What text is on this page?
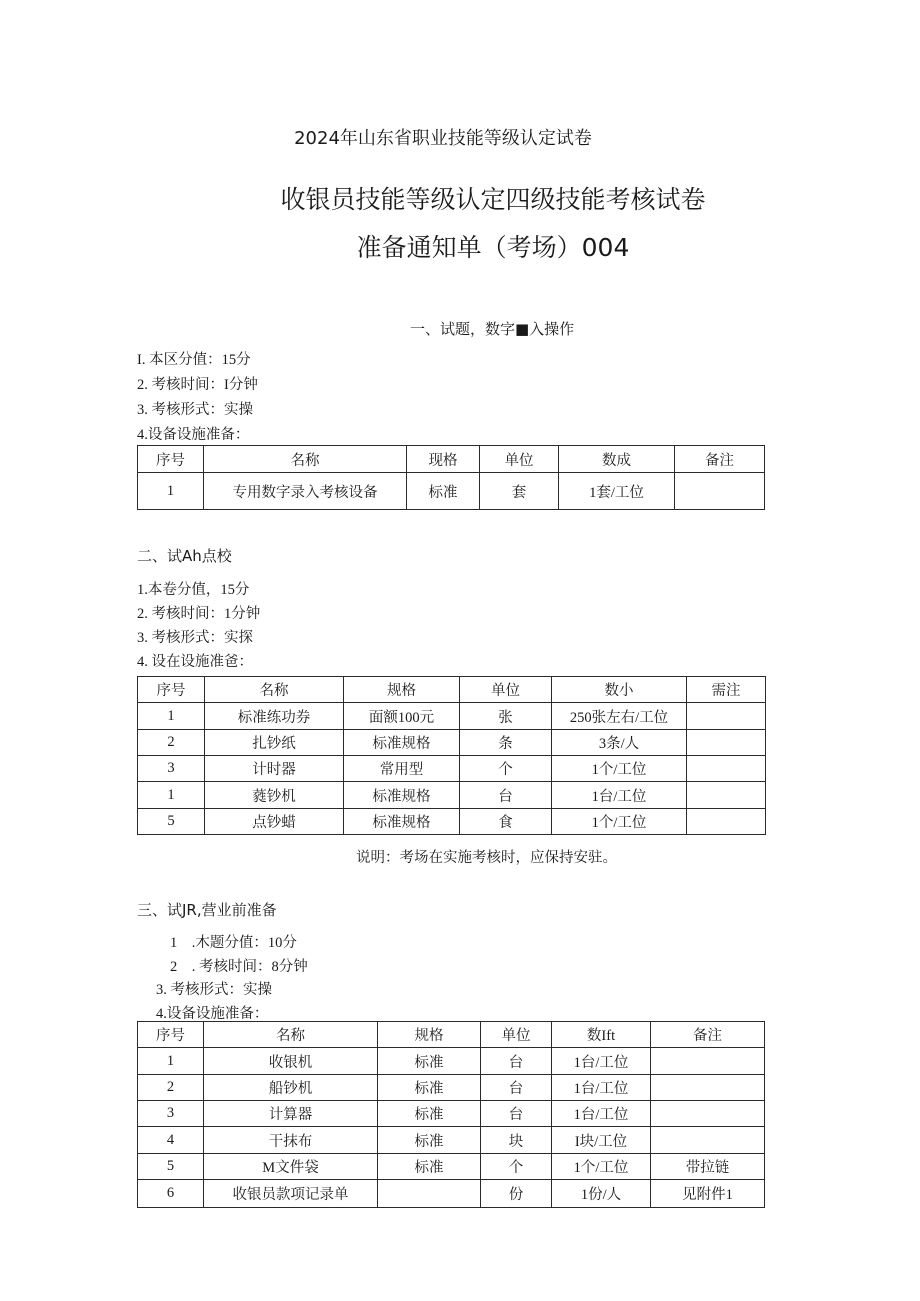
2024年山东省职业技能等级认定试卷
收银员技能等级认定四级技能考核试卷
准备通知单（考场）004
一、试题，数字■入操作
I. 本区分值：15分
2. 考核时间：I分钟
3. 考核形式：实操
4.设备设施准备：
序号	名称	现格	单位	数成	备注
1	专用数字录入考核设备	标准	套	1套/工位	
二、试Ah点校
1.本卷分值，15分
2. 考核时间：1分钟
3. 考核形式：实探
4. 设在设施准爸：
序号	名称	规格	单位	数小	需注
1	标准练功券	面额100元	张	250张左右/工位	
2	扎钞纸	标准规格	条	3条/人	
3	计时器	常用型	个	1个/工位	
1	蕤钞机	标准规格	台	1台/工位	
5	点钞蜡	标准规格	食	1个/工位	
说明：考场在实施考核时，应保持安驻。
三、试JR,营业前准备
1　.木题分值：10分
2　. 考核时间：8分钟
3. 考核形式：实操
4.设备设施准备：
序号	名称	规格	单位	数Ift	备注
1	收银机	标准	台	1台/工位	
2	船钞机	标准	台	1台/工位	
3	计算器	标准	台	1台/工位	
4	干抹布	标准	块	I块/工位	
5	M文件袋	标准	个	1个/工位	带拉链
6	收银员款项记录单		份	1份/人	见附件1
